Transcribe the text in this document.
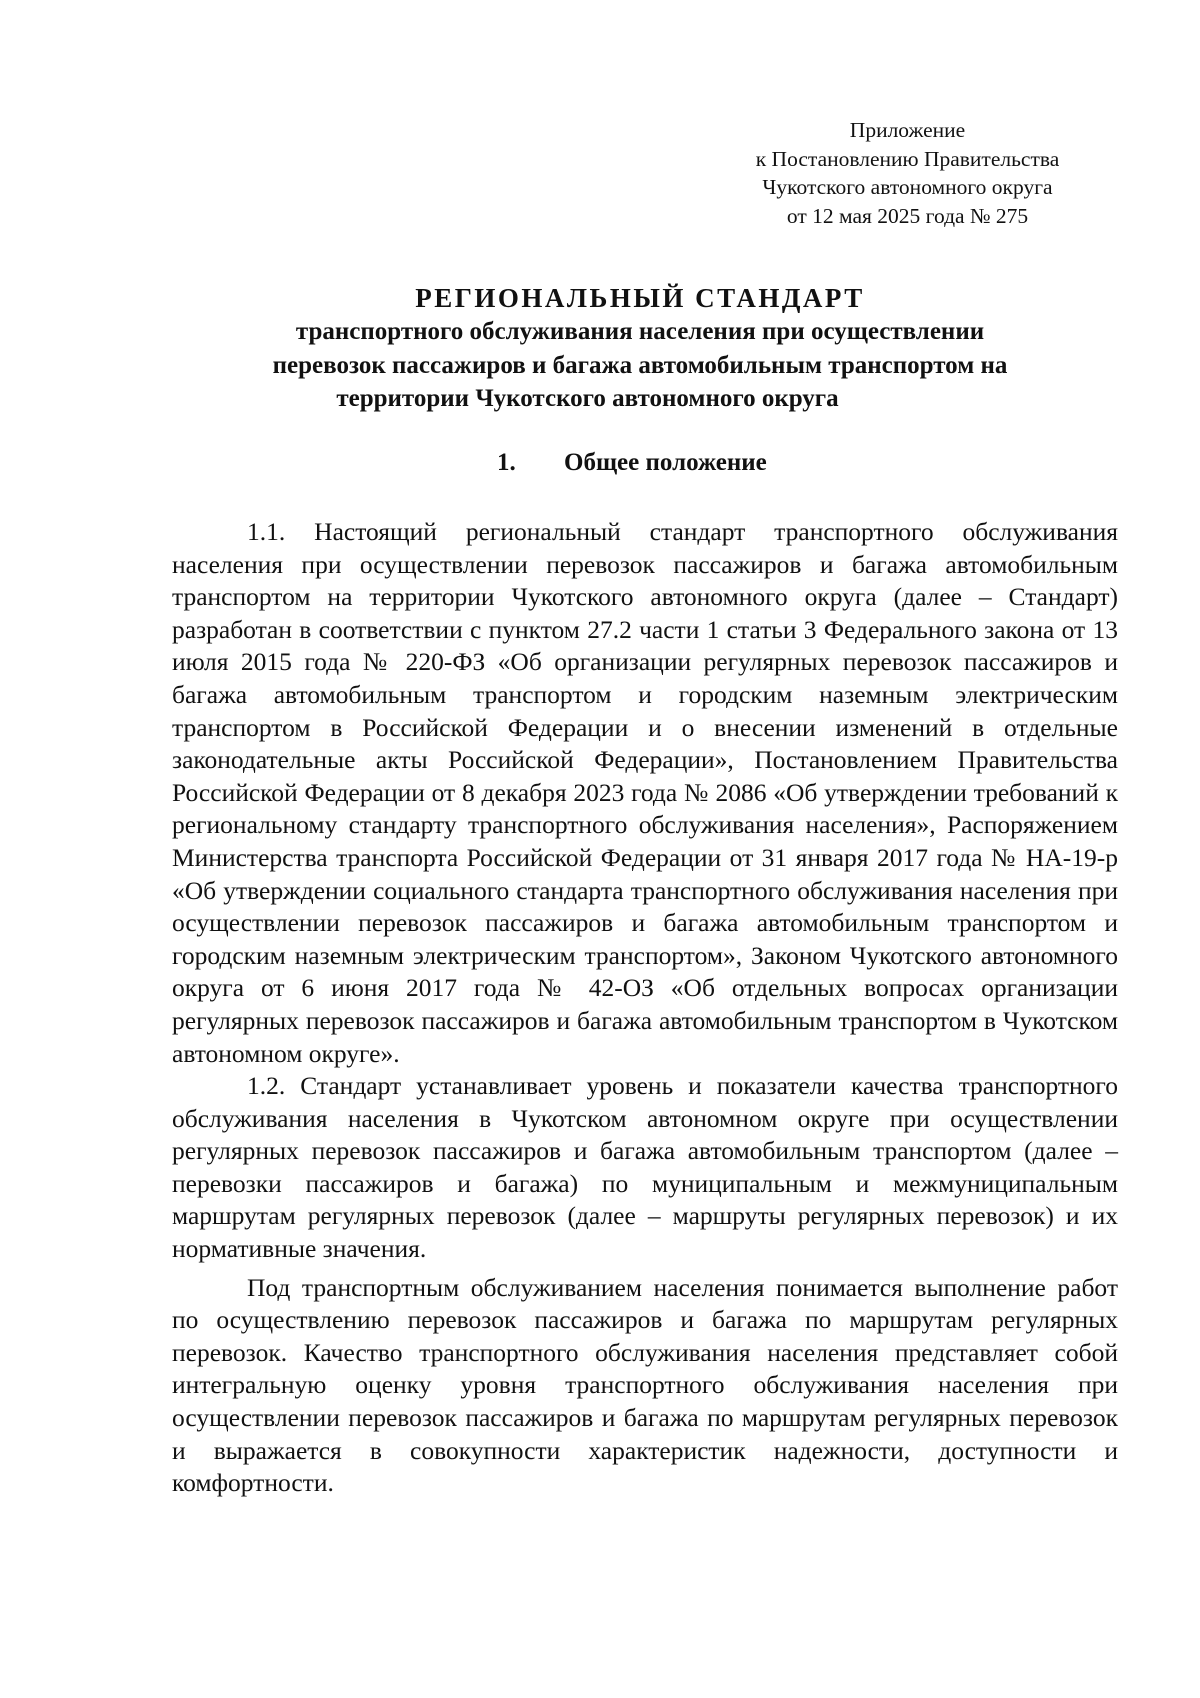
Приложение
к Постановлению Правительства
Чукотского автономного округа
от 12 мая 2025 года № 275
РЕГИОНАЛЬНЫЙ СТАНДАРТ
транспортного обслуживания населения при осуществлении
перевозок пассажиров и багажа автомобильным транспортом на
территории Чукотского автономного округа
1. Общее положение

1.1. Настоящий региональный стандарт транспортного обслуживания населения при осуществлении перевозок пассажиров и багажа автомобильным транспортом на территории Чукотского автономного округа (далее – Стандарт) разработан в соответствии с пунктом 27.2 части 1 статьи 3 Федерального закона от 13 июля 2015 года № 220-ФЗ «Об организации регулярных перевозок пассажиров и багажа автомобильным транспортом и городским наземным электрическим транспортом в Российской Федерации и о внесении изменений в отдельные законодательные акты Российской Федерации», Постановлением Правительства Российской Федерации от 8 декабря 2023 года № 2086 «Об утверждении требований к региональному стандарту транспортного обслуживания населения», Распоряжением Министерства транспорта Российской Федерации от 31 января 2017 года № НА-19-р «Об утверждении социального стандарта транспортного обслуживания населения при осуществлении перевозок пассажиров и багажа автомобильным транспортом и городским наземным электрическим транспортом», Законом Чукотского автономного округа от 6 июня 2017 года № 42-ОЗ «Об отдельных вопросах организации регулярных перевозок пассажиров и багажа автомобильным транспортом в Чукотском автономном округе».

1.2. Стандарт устанавливает уровень и показатели качества транспортного обслуживания населения в Чукотском автономном округе при осуществлении регулярных перевозок пассажиров и багажа автомобильным транспортом (далее – перевозки пассажиров и багажа) по муниципальным и межмуниципальным маршрутам регулярных перевозок (далее – маршруты регулярных перевозок) и их нормативные значения.

Под транспортным обслуживанием населения понимается выполнение работ по осуществлению перевозок пассажиров и багажа по маршрутам регулярных перевозок. Качество транспортного обслуживания населения представляет собой интегральную оценку уровня транспортного обслуживания населения при осуществлении перевозок пассажиров и багажа по маршрутам регулярных перевозок и выражается в совокупности характеристик надежности, доступности и комфортности.
